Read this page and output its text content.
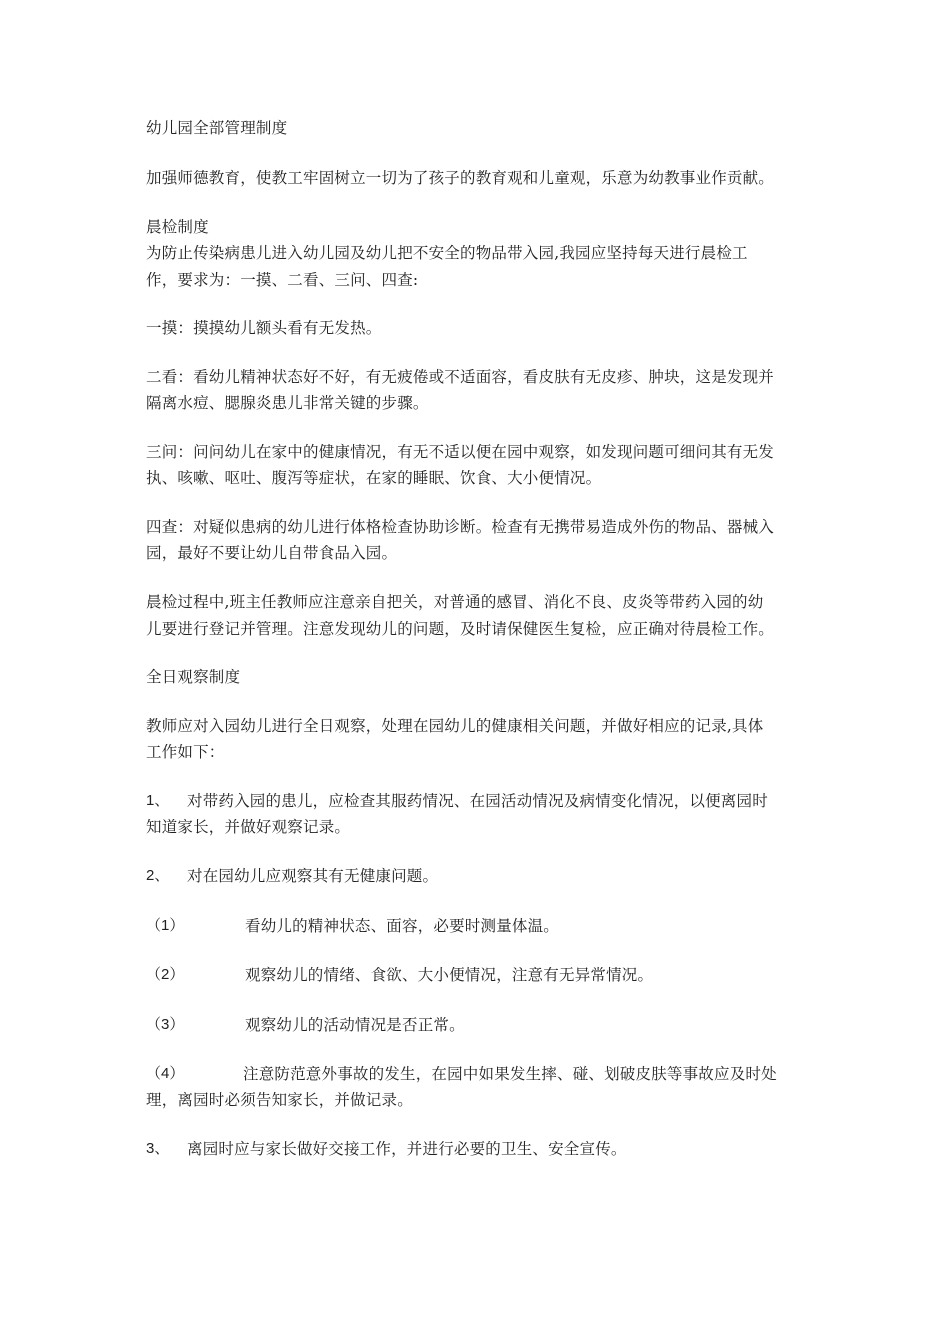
幼儿园全部管理制度
加强师德教育，使教工牢固树立一切为了孩子的教育观和儿童观，乐意为幼教事业作贡献。
晨检制度
为防止传染病患儿进入幼儿园及幼儿把不安全的物品带入园,我园应坚持每天进行晨检工
作，要求为：一摸、二看、三问、四查:
一摸：摸摸幼儿额头看有无发热。
二看：看幼儿精神状态好不好，有无疲倦或不适面容，看皮肤有无皮疹、肿块，这是发现并
隔离水痘、腮腺炎患儿非常关键的步骤。
三问：问问幼儿在家中的健康情况，有无不适以便在园中观察，如发现问题可细问其有无发
执、咳嗽、呕吐、腹泻等症状，在家的睡眠、饮食、大小便情况。
四查：对疑似患病的幼儿进行体格检查协助诊断。检查有无携带易造成外伤的物品、器械入
园，最好不要让幼儿自带食品入园。
晨检过程中,班主任教师应注意亲自把关，对普通的感冒、消化不良、皮炎等带药入园的幼
儿要进行登记并管理。注意发现幼儿的问题，及时请保健医生复检，应正确对待晨检工作。
全日观察制度
教师应对入园幼儿进行全日观察，处理在园幼儿的健康相关问题，并做好相应的记录,具体
工作如下：
1、 对带药入园的患儿，应检查其服药情况、在园活动情况及病情变化情况，以便离园时
知道家长，并做好观察记录。
2、 对在园幼儿应观察其有无健康问题。
（1）	看幼儿的精神状态、面容，必要时测量体温。
（2）	观察幼儿的情绪、食欲、大小便情况，注意有无异常情况。
（3）	观察幼儿的活动情况是否正常。
（4）	注意防范意外事故的发生，在园中如果发生摔、碰、划破皮肤等事故应及时处
理，离园时必须告知家长，并做记录。
3、 离园时应与家长做好交接工作，并进行必要的卫生、安全宣传。
